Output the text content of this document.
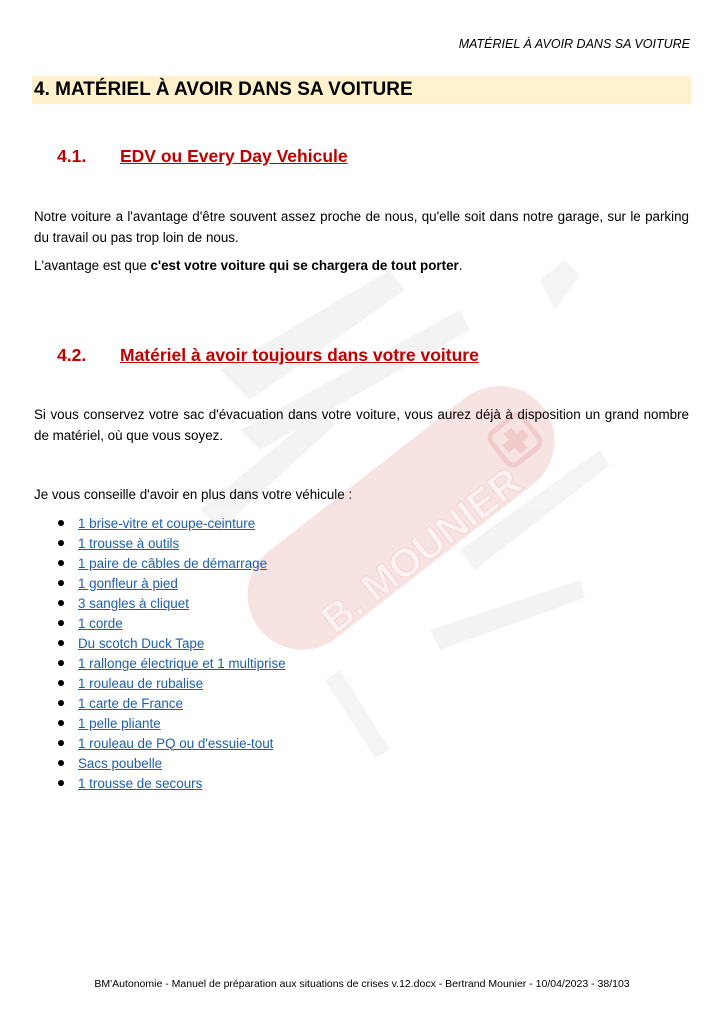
B. MOUNIER
MATÉRIEL À AVOIR DANS SA VOITURE
4. MATÉRIEL À AVOIR DANS SA VOITURE
4.1. EDV ou Every Day Vehicule

Notre voiture a l'avantage d'être souvent assez proche de nous, qu'elle soit dans notre garage, sur le parking du travail ou pas trop loin de nous.

L'avantage est que c'est votre voiture qui se chargera de tout porter.

4.2. Matériel à avoir toujours dans votre voiture

Si vous conservez votre sac d'évacuation dans votre voiture, vous aurez déjà à disposition un grand nombre de matériel, où que vous soyez.

Je vous conseille d'avoir en plus dans votre véhicule :

1 brise-vitre et coupe-ceinture
1 trousse à outils
1 paire de câbles de démarrage
1 gonfleur à pied
3 sangles à cliquet
1 corde
Du scotch Duck Tape
1 rallonge électrique et 1 multiprise
1 rouleau de rubalise
1 carte de France
1 pelle pliante
1 rouleau de PQ ou d'essuie-tout
Sacs poubelle
1 trousse de secours
BM'Autonomie - Manuel de préparation aux situations de crises v.12.docx - Bertrand Mounier - 10/04/2023 - 38/103
